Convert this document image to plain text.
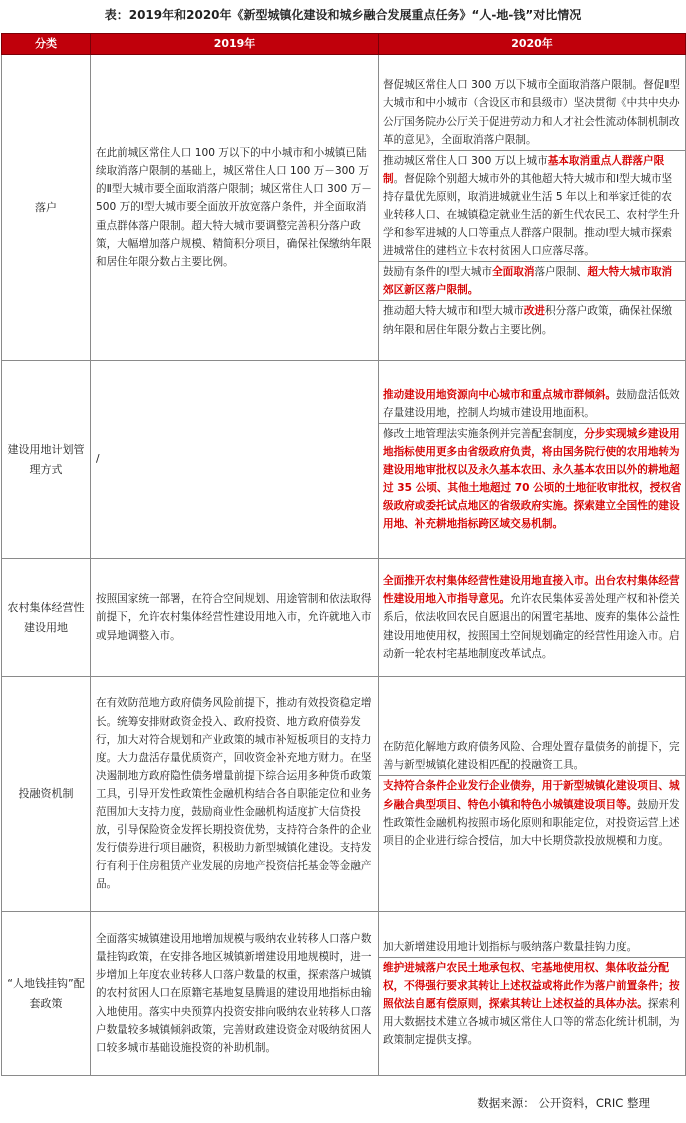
表：2019年和2020年《新型城镇化建设和城乡融合发展重点任务》“人-地-钱”对比情况
分类	2019年	2020年
落户	在此前城区常住人口 100 万以下的中小城市和小城镇已陆续取消落户限制的基础上，城区常住人口 100 万－300 万的Ⅱ型大城市要全面取消落户限制；城区常住人口 300 万－500 万的Ⅰ型大城市要全面放开放宽落户条件，并全面取消重点群体落户限制。超大特大城市要调整完善积分落户政策，大幅增加落户规模、精简积分项目，确保社保缴纳年限和居住年限分数占主要比例。	督促城区常住人口 300 万以下城市全面取消落户限制。督促Ⅱ型大城市和中小城市（含设区市和县级市）坚决贯彻《中共中央办公厅国务院办公厅关于促进劳动力和人才社会性流动体制机制改革的意见》，全面取消落户限制。

推动城区常住人口 300 万以上城市基本取消重点人群落户限制。督促除个别超大城市外的其他超大特大城市和Ⅰ型大城市坚持存量优先原则，取消进城就业生活 5 年以上和举家迁徙的农业转移人口、在城镇稳定就业生活的新生代农民工、农村学生升学和参军进城的人口等重点人群落户限制。推动Ⅰ型大城市探索进城常住的建档立卡农村贫困人口应落尽落。

鼓励有条件的Ⅰ型大城市全面取消落户限制、超大特大城市取消郊区新区落户限制。

推动超大特大城市和Ⅰ型大城市改进积分落户政策，确保社保缴纳年限和居住年限分数占主要比例。

建设用地计划管理方式	/	推动建设用地资源向中心城市和重点城市群倾斜。鼓励盘活低效存量建设用地，控制人均城市建设用地面积。

修改土地管理法实施条例并完善配套制度，分步实现城乡建设用地指标使用更多由省级政府负责，将由国务院行使的农用地转为建设用地审批权以及永久基本农田、永久基本农田以外的耕地超过 35 公顷、其他土地超过 70 公顷的土地征收审批权，授权省级政府或委托试点地区的省级政府实施。探索建立全国性的建设用地、补充耕地指标跨区域交易机制。

农村集体经营性建设用地	按照国家统一部署，在符合空间规划、用途管制和依法取得前提下，允许农村集体经营性建设用地入市，允许就地入市或异地调整入市。	全面推开农村集体经营性建设用地直接入市。出台农村集体经营性建设用地入市指导意见。允许农民集体妥善处理产权和补偿关系后，依法收回农民自愿退出的闲置宅基地、废弃的集体公益性建设用地使用权，按照国土空间规划确定的经营性用途入市。启动新一轮农村宅基地制度改革试点。

投融资机制	在有效防范地方政府债务风险前提下，推动有效投资稳定增长。统筹安排财政资金投入、政府投资、地方政府债券发行，加大对符合规划和产业政策的城市补短板项目的支持力度。大力盘活存量优质资产，回收资金补充地方财力。在坚决遏制地方政府隐性债务增量前提下综合运用多种货币政策工具，引导开发性政策性金融机构结合各自职能定位和业务范围加大支持力度，鼓励商业性金融机构适度扩大信贷投放，引导保险资金发挥长期投资优势，支持符合条件的企业发行债券进行项目融资，积极助力新型城镇化建设。支持发行有利于住房租赁产业发展的房地产投资信托基金等金融产品。	在防范化解地方政府债务风险、合理处置存量债务的前提下，完善与新型城镇化建设相匹配的投融资工具。

支持符合条件企业发行企业债券，用于新型城镇化建设项目、城乡融合典型项目、特色小镇和特色小城镇建设项目等。鼓励开发性政策性金融机构按照市场化原则和职能定位，对投资运营上述项目的企业进行综合授信，加大中长期贷款投放规模和力度。

“人地钱挂钩”配套政策	全面落实城镇建设用地增加规模与吸纳农业转移人口落户数量挂钩政策，在安排各地区城镇新增建设用地规模时，进一步增加上年度农业转移人口落户数量的权重，探索落户城镇的农村贫困人口在原籍宅基地复垦腾退的建设用地指标由输入地使用。落实中央预算内投资安排向吸纳农业转移人口落户数量较多城镇倾斜政策，完善财政建设资金对吸纳贫困人口较多城市基础设施投资的补助机制。	加大新增建设用地计划指标与吸纳落户数量挂钩力度。

维护进城落户农民土地承包权、宅基地使用权、集体收益分配权，不得强行要求其转让上述权益或将此作为落户前置条件；按照依法自愿有偿原则，探索其转让上述权益的具体办法。探索利用大数据技术建立各城市城区常住人口等的常态化统计机制，为政策制定提供支撑。

数据来源： 公开资料，CRIC 整理
